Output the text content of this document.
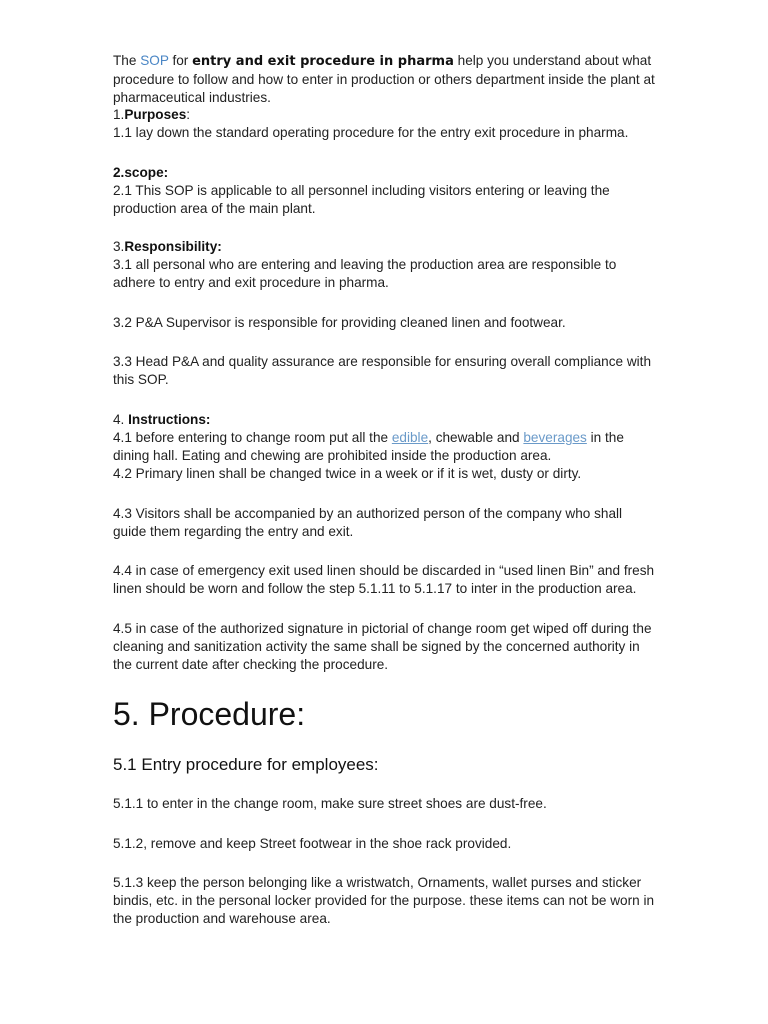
The SOP for entry and exit procedure in pharma help you understand about what
procedure to follow and how to enter in production or others department inside the plant at
pharmaceutical industries.

1.Purposes:
1.1 lay down the standard operating procedure for the entry exit procedure in pharma.

2.scope:
2.1 This SOP is applicable to all personnel including visitors entering or leaving the
production area of the main plant.

3.Responsibility:
3.1 all personal who are entering and leaving the production area are responsible to
adhere to entry and exit procedure in pharma.

3.2 P&A Supervisor is responsible for providing cleaned linen and footwear.

3.3 Head P&A and quality assurance are responsible for ensuring overall compliance with
this SOP.

4. Instructions:
4.1 before entering to change room put all the edible, chewable and beverages in the
dining hall. Eating and chewing are prohibited inside the production area.
4.2 Primary linen shall be changed twice in a week or if it is wet, dusty or dirty.

4.3 Visitors shall be accompanied by an authorized person of the company who shall
guide them regarding the entry and exit.

4.4 in case of emergency exit used linen should be discarded in “used linen Bin” and fresh
linen should be worn and follow the step 5.1.11 to 5.1.17 to inter in the production area.

4.5 in case of the authorized signature in pictorial of change room get wiped off during the
cleaning and sanitization activity the same shall be signed by the concerned authority in
the current date after checking the procedure.

5. Procedure:
5.1 Entry procedure for employees:

5.1.1 to enter in the change room, make sure street shoes are dust-free.

5.1.2, remove and keep Street footwear in the shoe rack provided.

5.1.3 keep the person belonging like a wristwatch, Ornaments, wallet purses and sticker
bindis, etc. in the personal locker provided for the purpose. these items can not be worn in
the production and warehouse area.
